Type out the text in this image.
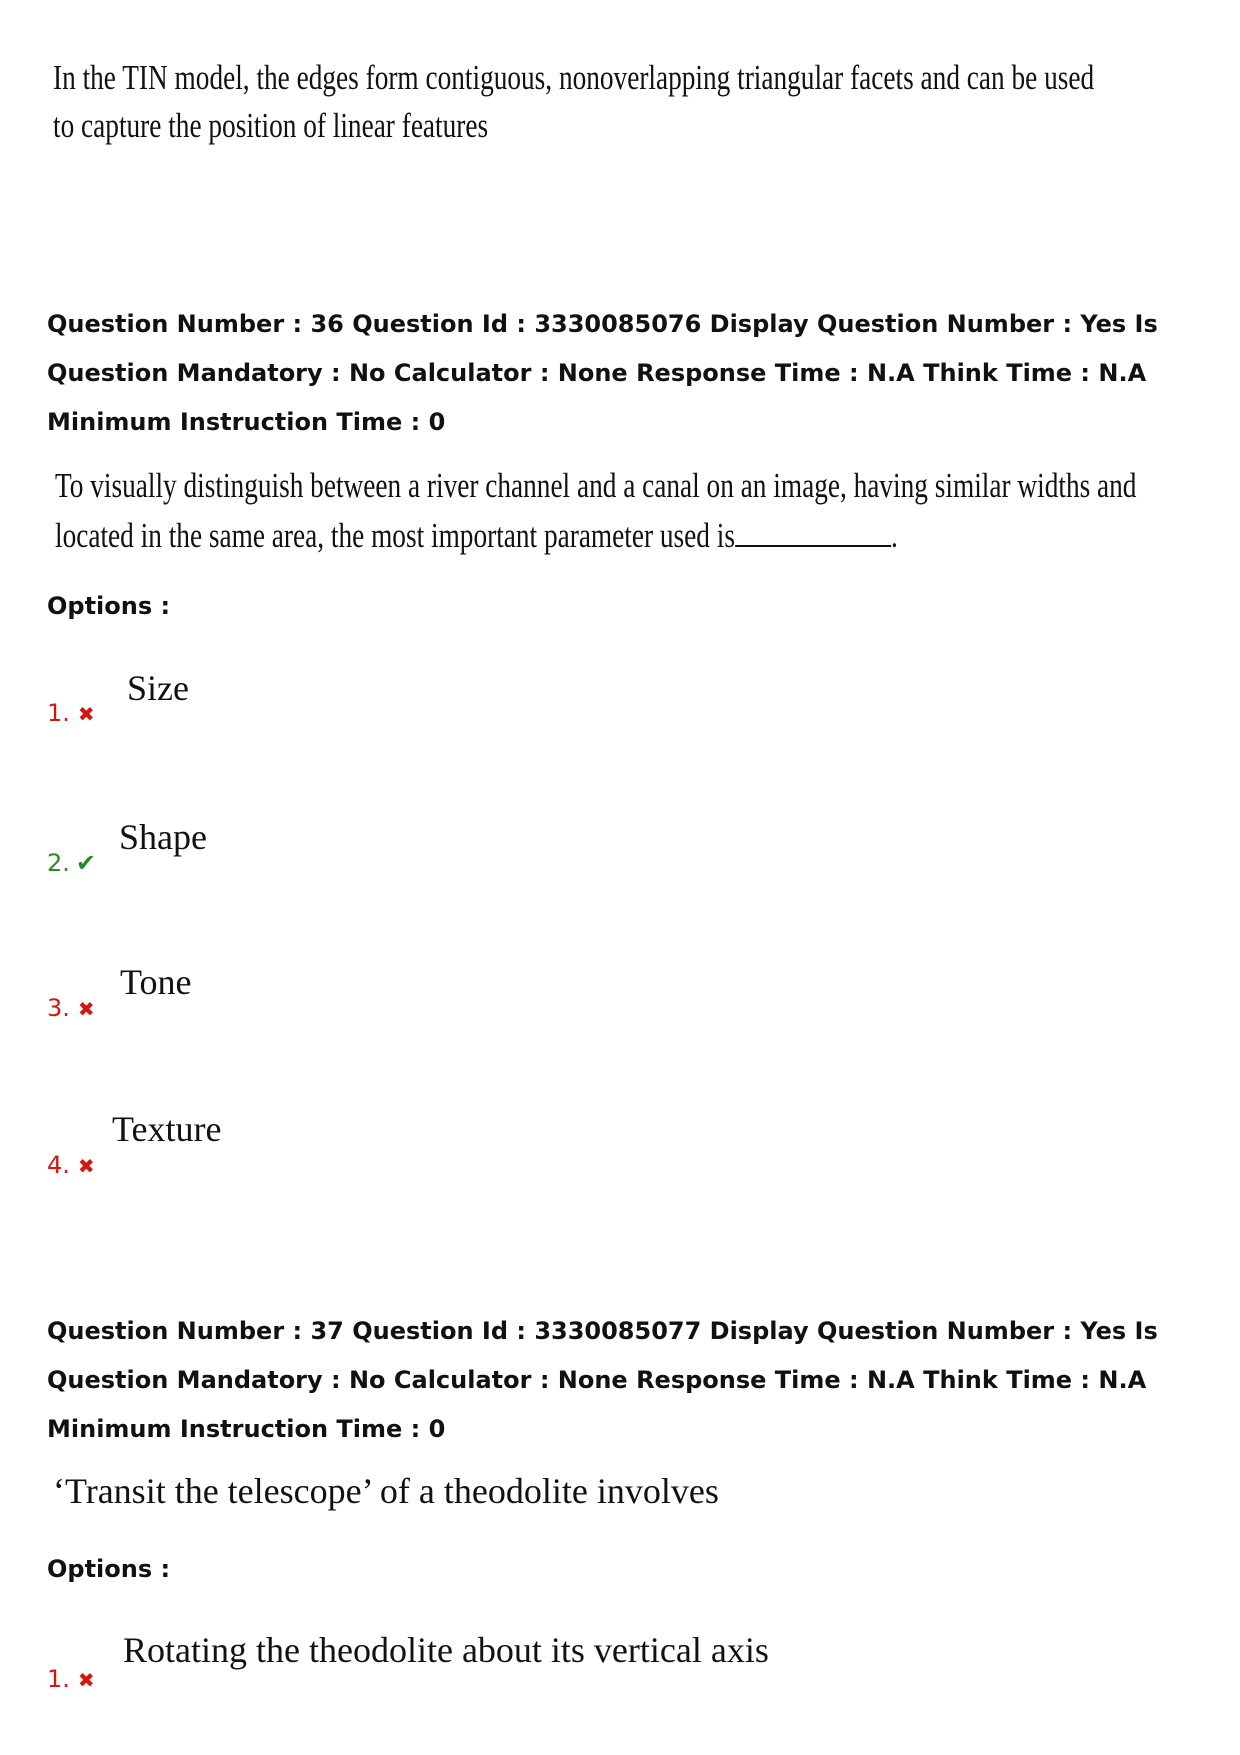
In the TIN model, the edges form contiguous, nonoverlapping triangular facets and can be used
to capture the position of linear features
Question Number : 36 Question Id : 3330085076 Display Question Number : Yes Is Question Mandatory : No Calculator : None Response Time : N.A Think Time : N.A Minimum Instruction Time : 0
To visually distinguish between a river channel and a canal on an image, having similar widths and
located in the same area, the most important parameter used is	.
Options :
Size
1. ✖
Shape
2. ✔
Tone
3. ✖
Texture
4. ✖
Question Number : 37 Question Id : 3330085077 Display Question Number : Yes Is Question Mandatory : No Calculator : None Response Time : N.A Think Time : N.A Minimum Instruction Time : 0
‘Transit the telescope’ of a theodolite involves
Options :
Rotating the theodolite about its vertical axis
1. ✖
